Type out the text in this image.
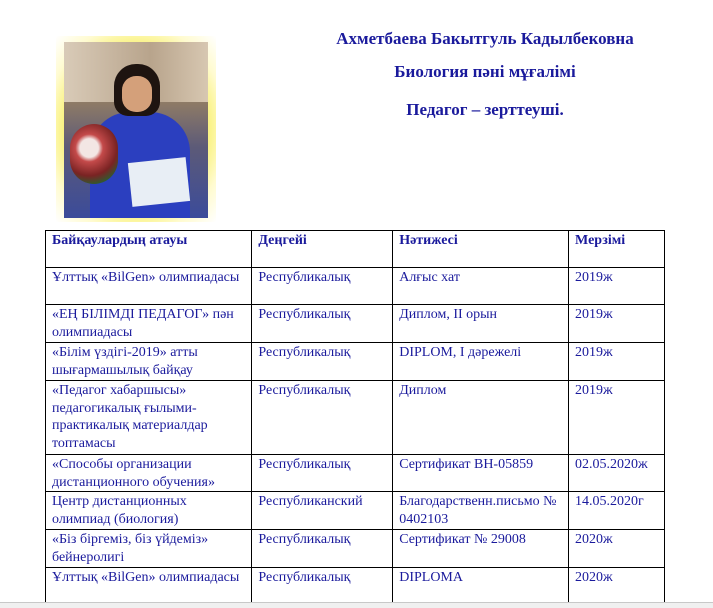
Ахметбаева Бакытгуль Кадылбековна
Биология пәні мұғалімі
Педагог – зерттеуші.
Байқаулардың атауы	Деңгейі	Нәтижесі	Мерзімі
Ұлттық «BilGen» олимпиадасы	Республикалық	Алғыс хат	2019ж
«ЕҢ БІЛІМДІ ПЕДАГОГ» пән олимпиадасы	Республикалық	Диплом, II орын	2019ж
«Білім үздігі-2019» атты шығармашылық байқау	Республикалық	DIPLOM, I дәрежелі	2019ж
«Педагог хабаршысы» педагогикалық ғылыми-практикалық материалдар топтамасы	Республикалық	Диплом	2019ж
«Способы организации дистанционного обучения»	Республикалық	Сертификат ВН-05859	02.05.2020ж
Центр дистанционных олимпиад (биология)	Республиканский	Благодарственн.письмо № 0402103	14.05.2020г
«Біз біргеміз, біз үйдеміз» бейнеролигі	Республикалық	Сертификат № 29008	2020ж
Ұлттық «BilGen» олимпиадасы	Республикалық	DIPLOMA	2020ж
